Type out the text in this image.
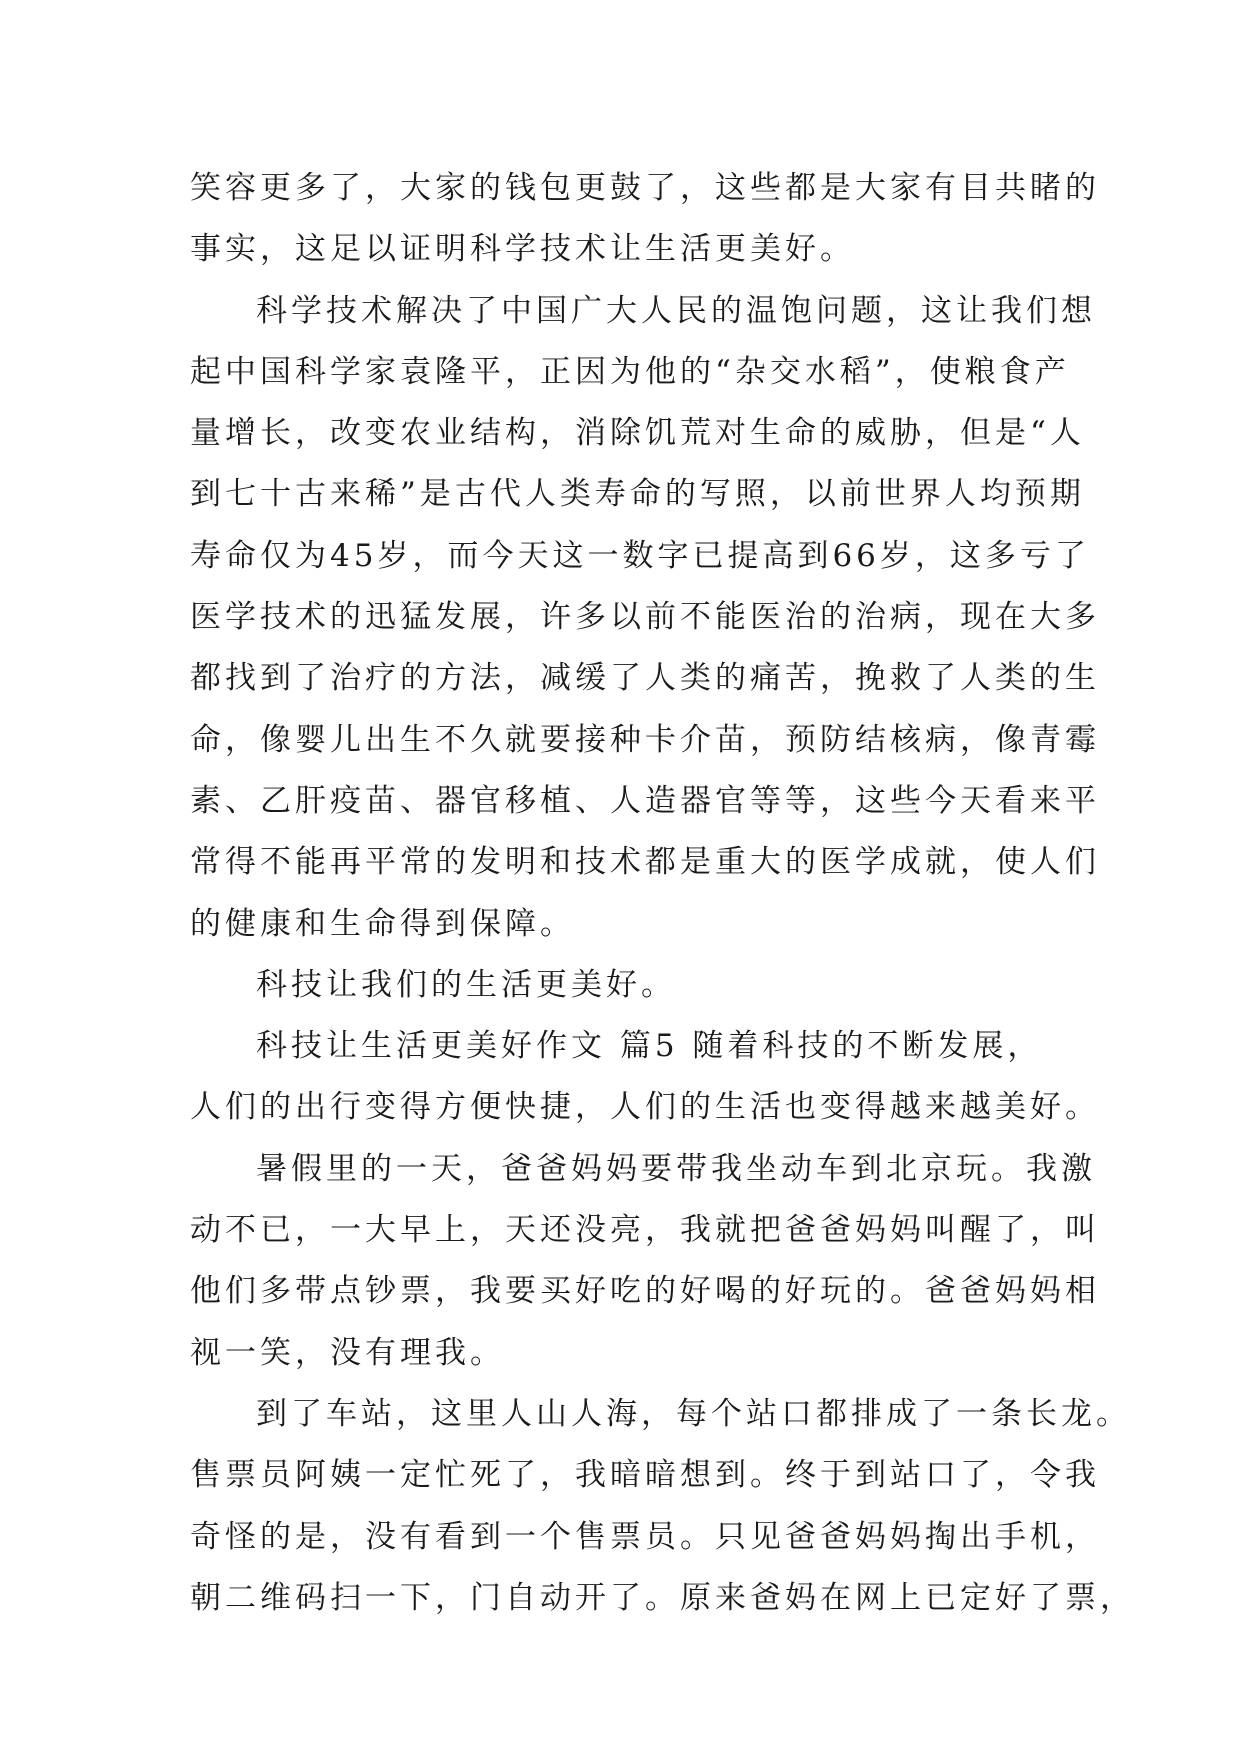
笑容更多了，大家的钱包更鼓了，这些都是大家有目共睹的
事实，这足以证明科学技术让生活更美好。
科学技术解决了中国广大人民的温饱问题，这让我们想
起中国科学家袁隆平，正因为他的“杂交水稻”，使粮食产
量增长，改变农业结构，消除饥荒对生命的威胁，但是“人
到七十古来稀”是古代人类寿命的写照，以前世界人均预期
寿命仅为45岁，而今天这一数字已提高到66岁，这多亏了
医学技术的迅猛发展，许多以前不能医治的治病，现在大多
都找到了治疗的方法，减缓了人类的痛苦，挽救了人类的生
命，像婴儿出生不久就要接种卡介苗，预防结核病，像青霉
素、乙肝疫苗、器官移植、人造器官等等，这些今天看来平
常得不能再平常的发明和技术都是重大的医学成就，使人们
的健康和生命得到保障。
科技让我们的生活更美好。
科技让生活更美好作文 篇5 随着科技的不断发展，
人们的出行变得方便快捷，人们的生活也变得越来越美好。
暑假里的一天，爸爸妈妈要带我坐动车到北京玩。我激
动不已，一大早上，天还没亮，我就把爸爸妈妈叫醒了，叫
他们多带点钞票，我要买好吃的好喝的好玩的。爸爸妈妈相
视一笑，没有理我。
到了车站，这里人山人海，每个站口都排成了一条长龙。
售票员阿姨一定忙死了，我暗暗想到。终于到站口了，令我
奇怪的是，没有看到一个售票员。只见爸爸妈妈掏出手机，
朝二维码扫一下，门自动开了。原来爸妈在网上已定好了票，
